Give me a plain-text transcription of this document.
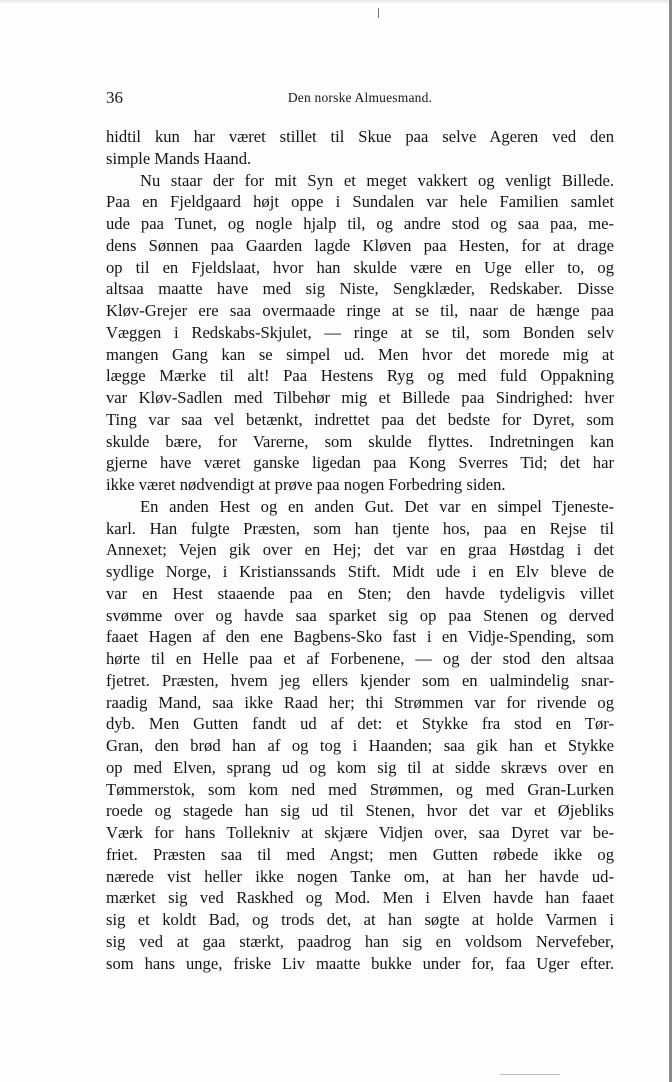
36	Den norske Almuesmand.
hidtil kun har været stillet til Skue paa selve Ageren ved den
simple Mands Haand.
Nu staar der for mit Syn et meget vakkert og venligt Billede.
Paa en Fjeldgaard højt oppe i Sundalen var hele Familien samlet
ude paa Tunet, og nogle hjalp til, og andre stod og saa paa, me-
dens Sønnen paa Gaarden lagde Kløven paa Hesten, for at drage
op til en Fjeldslaat, hvor han skulde være en Uge eller to, og
altsaa maatte have med sig Niste, Sengklæder, Redskaber. Disse
Kløv-Grejer ere saa overmaade ringe at se til, naar de hænge paa
Væggen i Redskabs-Skjulet, — ringe at se til, som Bonden selv
mangen Gang kan se simpel ud. Men hvor det morede mig at
lægge Mærke til alt! Paa Hestens Ryg og med fuld Oppakning
var Kløv-Sadlen med Tilbehør mig et Billede paa Sindrighed: hver
Ting var saa vel betænkt, indrettet paa det bedste for Dyret, som
skulde bære, for Varerne, som skulde flyttes. Indretningen kan
gjerne have været ganske ligedan paa Kong Sverres Tid; det har
ikke været nødvendigt at prøve paa nogen Forbedring siden.
En anden Hest og en anden Gut. Det var en simpel Tjeneste-
karl. Han fulgte Præsten, som han tjente hos, paa en Rejse til
Annexet; Vejen gik over en Hej; det var en graa Høstdag i det
sydlige Norge, i Kristianssands Stift. Midt ude i en Elv bleve de
var en Hest staaende paa en Sten; den havde tydeligvis villet
svømme over og havde saa sparket sig op paa Stenen og derved
faaet Hagen af den ene Bagbens-Sko fast i en Vidje-Spending, som
hørte til en Helle paa et af Forbenene, — og der stod den altsaa
fjetret. Præsten, hvem jeg ellers kjender som en ualmindelig snar-
raadig Mand, saa ikke Raad her; thi Strømmen var for rivende og
dyb. Men Gutten fandt ud af det: et Stykke fra stod en Tør-
Gran, den brød han af og tog i Haanden; saa gik han et Stykke
op med Elven, sprang ud og kom sig til at sidde skrævs over en
Tømmerstok, som kom ned med Strømmen, og med Gran-Lurken
roede og stagede han sig ud til Stenen, hvor det var et Øjebliks
Værk for hans Tollekniv at skjære Vidjen over, saa Dyret var be-
friet. Præsten saa til med Angst; men Gutten røbede ikke og
nærede vist heller ikke nogen Tanke om, at han her havde ud-
mærket sig ved Raskhed og Mod. Men i Elven havde han faaet
sig et koldt Bad, og trods det, at han søgte at holde Varmen i
sig ved at gaa stærkt, paadrog han sig en voldsom Nervefeber,
som hans unge, friske Liv maatte bukke under for, faa Uger efter.
